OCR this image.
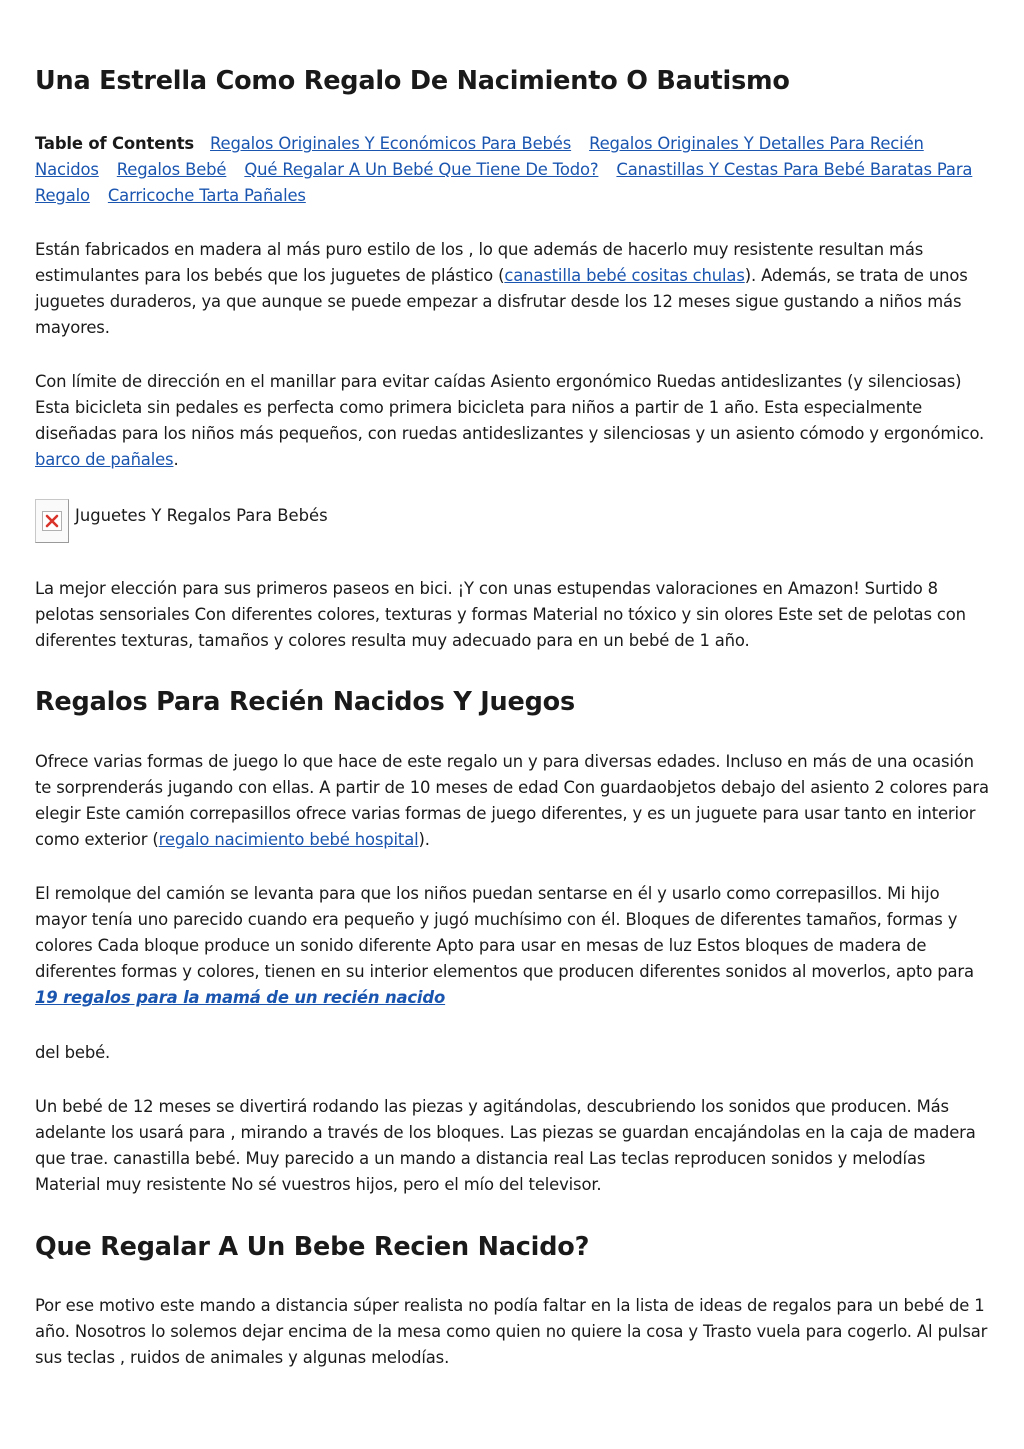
Una Estrella Como Regalo De Nacimiento O Bautismo

Table of Contents Regalos Originales Y Económicos Para Bebés Regalos Originales Y Detalles Para Recién Nacidos Regalos Bebé Qué Regalar A Un Bebé Que Tiene De Todo? Canastillas Y Cestas Para Bebé Baratas Para Regalo Carricoche Tarta Pañales

Están fabricados en madera al más puro estilo de los , lo que además de hacerlo muy resistente resultan más estimulantes para los bebés que los juguetes de plástico (canastilla bebé cositas chulas). Además, se trata de unos juguetes duraderos, ya que aunque se puede empezar a disfrutar desde los 12 meses sigue gustando a niños más mayores.

Con límite de dirección en el manillar para evitar caídas Asiento ergonómico Ruedas antideslizantes (y silenciosas) Esta bicicleta sin pedales es perfecta como primera bicicleta para niños a partir de 1 año. Esta especialmente diseñadas para los niños más pequeños, con ruedas antideslizantes y silenciosas y un asiento cómodo y ergonómico. barco de pañales.

Juguetes Y Regalos Para Bebés

La mejor elección para sus primeros paseos en bici. ¡Y con unas estupendas valoraciones en Amazon! Surtido 8 pelotas sensoriales Con diferentes colores, texturas y formas Material no tóxico y sin olores Este set de pelotas con diferentes texturas, tamaños y colores resulta muy adecuado para en un bebé de 1 año.

Regalos Para Recién Nacidos Y Juegos

Ofrece varias formas de juego lo que hace de este regalo un y para diversas edades. Incluso en más de una ocasión te sorprenderás jugando con ellas. A partir de 10 meses de edad Con guardaobjetos debajo del asiento 2 colores para elegir Este camión correpasillos ofrece varias formas de juego diferentes, y es un juguete para usar tanto en interior como exterior (regalo nacimiento bebé hospital).

El remolque del camión se levanta para que los niños puedan sentarse en él y usarlo como correpasillos. Mi hijo mayor tenía uno parecido cuando era pequeño y jugó muchísimo con él. Bloques de diferentes tamaños, formas y colores Cada bloque produce un sonido diferente Apto para usar en mesas de luz Estos bloques de madera de diferentes formas y colores, tienen en su interior elementos que producen diferentes sonidos al moverlos, apto para 19 regalos para la mamá de un recién nacido

del bebé.

Un bebé de 12 meses se divertirá rodando las piezas y agitándolas, descubriendo los sonidos que producen. Más adelante los usará para , mirando a través de los bloques. Las piezas se guardan encajándolas en la caja de madera que trae. canastilla bebé. Muy parecido a un mando a distancia real Las teclas reproducen sonidos y melodías Material muy resistente No sé vuestros hijos, pero el mío del televisor.

Que Regalar A Un Bebe Recien Nacido?

Por ese motivo este mando a distancia súper realista no podía faltar en la lista de ideas de regalos para un bebé de 1 año. Nosotros lo solemos dejar encima de la mesa como quien no quiere la cosa y Trasto vuela para cogerlo. Al pulsar sus teclas , ruidos de animales y algunas melodías.
